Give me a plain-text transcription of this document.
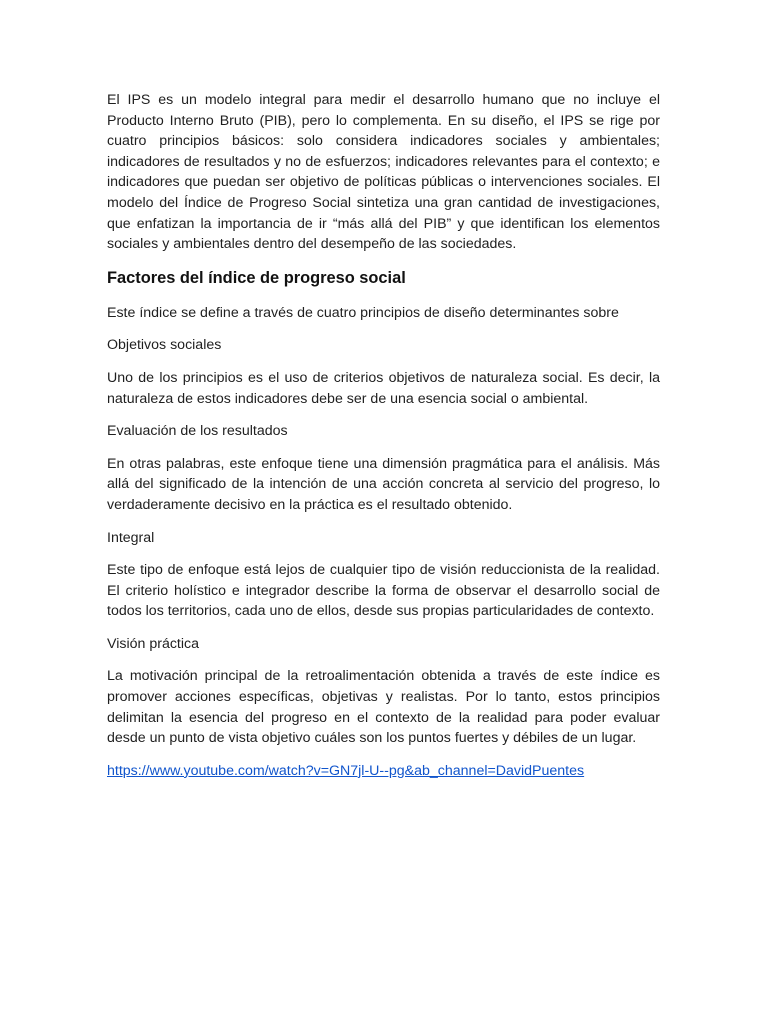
El IPS es un modelo integral para medir el desarrollo humano que no incluye el Producto Interno Bruto (PIB), pero lo complementa. En su diseño, el IPS se rige por cuatro principios básicos: solo considera indicadores sociales y ambientales; indicadores de resultados y no de esfuerzos; indicadores relevantes para el contexto; e indicadores que puedan ser objetivo de políticas públicas o intervenciones sociales. El modelo del Índice de Progreso Social sintetiza una gran cantidad de investigaciones, que enfatizan la importancia de ir “más allá del PIB” y que identifican los elementos sociales y ambientales dentro del desempeño de las sociedades.

Factores del índice de progreso social

Este índice se define a través de cuatro principios de diseño determinantes sobre

Objetivos sociales

Uno de los principios es el uso de criterios objetivos de naturaleza social. Es decir, la naturaleza de estos indicadores debe ser de una esencia social o ambiental.

Evaluación de los resultados

En otras palabras, este enfoque tiene una dimensión pragmática para el análisis. Más allá del significado de la intención de una acción concreta al servicio del progreso, lo verdaderamente decisivo en la práctica es el resultado obtenido.

Integral

Este tipo de enfoque está lejos de cualquier tipo de visión reduccionista de la realidad. El criterio holístico e integrador describe la forma de observar el desarrollo social de todos los territorios, cada uno de ellos, desde sus propias particularidades de contexto.

Visión práctica

La motivación principal de la retroalimentación obtenida a través de este índice es promover acciones específicas, objetivas y realistas. Por lo tanto, estos principios delimitan la esencia del progreso en el contexto de la realidad para poder evaluar desde un punto de vista objetivo cuáles son los puntos fuertes y débiles de un lugar.

https://www.youtube.com/watch?v=GN7jl-U--pg&ab_channel=DavidPuentes
